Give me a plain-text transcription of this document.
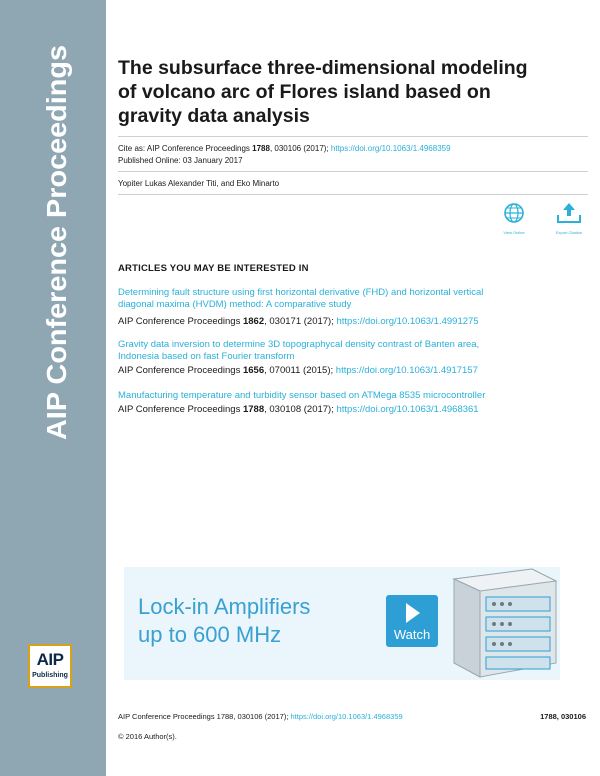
AIP Conference Proceedings
AIP
Publishing
The subsurface three-dimensional modeling
of volcano arc of Flores island based on
gravity data analysis
Cite as: AIP Conference Proceedings 1788, 030106 (2017); https://doi.org/10.1063/1.4968359
Published Online: 03 January 2017
Yopiter Lukas Alexander Titi, and Eko Minarto
View Online	Export Citation
ARTICLES YOU MAY BE INTERESTED IN
Determining fault structure using first horizontal derivative (FHD) and horizontal vertical
diagonal maxima (HVDM) method: A comparative study
AIP Conference Proceedings 1862, 030171 (2017); https://doi.org/10.1063/1.4991275
Gravity data inversion to determine 3D topographycal density contrast of Banten area,
Indonesia based on fast Fourier transform
AIP Conference Proceedings 1656, 070011 (2015); https://doi.org/10.1063/1.4917157
Manufacturing temperature and turbidity sensor based on ATMega 8535 microcontroller
AIP Conference Proceedings 1788, 030108 (2017); https://doi.org/10.1063/1.4968361
Lock-in Amplifiers
up to 600 MHz	Watch
AIP Conference Proceedings 1788, 030106 (2017); https://doi.org/10.1063/1.4968359	1788, 030106
© 2016 Author(s).
